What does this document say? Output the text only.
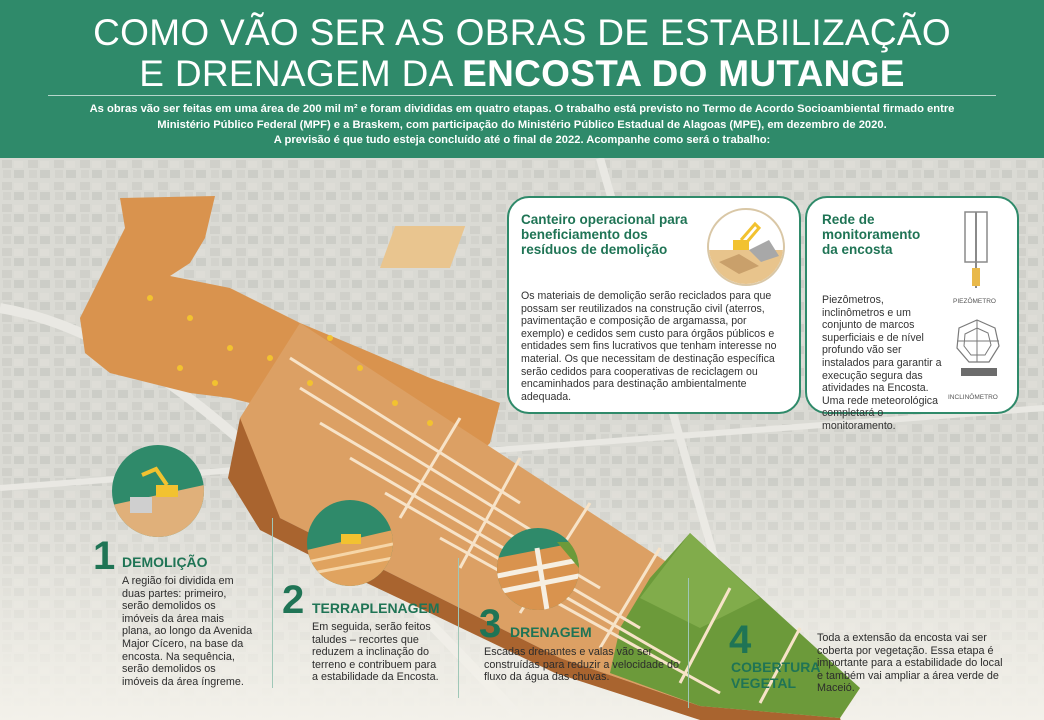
COMO VÃO SER AS OBRAS DE ESTABILIZAÇÃO
E DRENAGEM DA ENCOSTA DO MUTANGE
As obras vão ser feitas em uma área de 200 mil m² e foram divididas em quatro etapas. O trabalho está previsto no Termo de Acordo Socioambiental firmado entre
Ministério Público Federal (MPF) e a Braskem, com participação do Ministério Público Estadual de Alagoas (MPE), em dezembro de 2020.
A previsão é que tudo esteja concluído até o final de 2022. Acompanhe como será o trabalho:
Canteiro operacional para beneficiamento dos resíduos de demolição

Os materiais de demolição serão reciclados para que possam ser reutilizados na construção civil (aterros, pavimentação e composição de argamassa, por exemplo) e cedidos sem custo para órgãos públicos e entidades sem fins lucrativos que tenham interesse no material. Os que necessitam de destinação específica serão cedidos para cooperativas de reciclagem ou encaminhados para destinação ambientalmente adequada.

Rede de monitoramento da encosta

Piezômetros, inclinômetros e um conjunto de marcos superficiais e de nível profundo vão ser instalados para garantir a execução segura das atividades na Encosta. Uma rede meteorológica completará o monitoramento.

PIEZÔMETRO
INCLINÔMETRO
1 DEMOLIÇÃO
A região foi dividida em duas partes: primeiro, serão demolidos os imóveis da área mais plana, ao longo da Avenida Major Cícero, na base da encosta. Na sequência, serão demolidos os imóveis da área íngreme.
2 TERRAPLENAGEM
Em seguida, serão feitos taludes – recortes que reduzem a inclinação do terreno e contribuem para a estabilidade da Encosta.
3 DRENAGEM
Escadas drenantes e valas vão ser construídas para reduzir a velocidade do fluxo da água das chuvas.
4
COBERTURA
VEGETAL
Toda a extensão da encosta vai ser coberta por vegetação. Essa etapa é importante para a estabilidade do local e também vai ampliar a área verde de Maceió.
